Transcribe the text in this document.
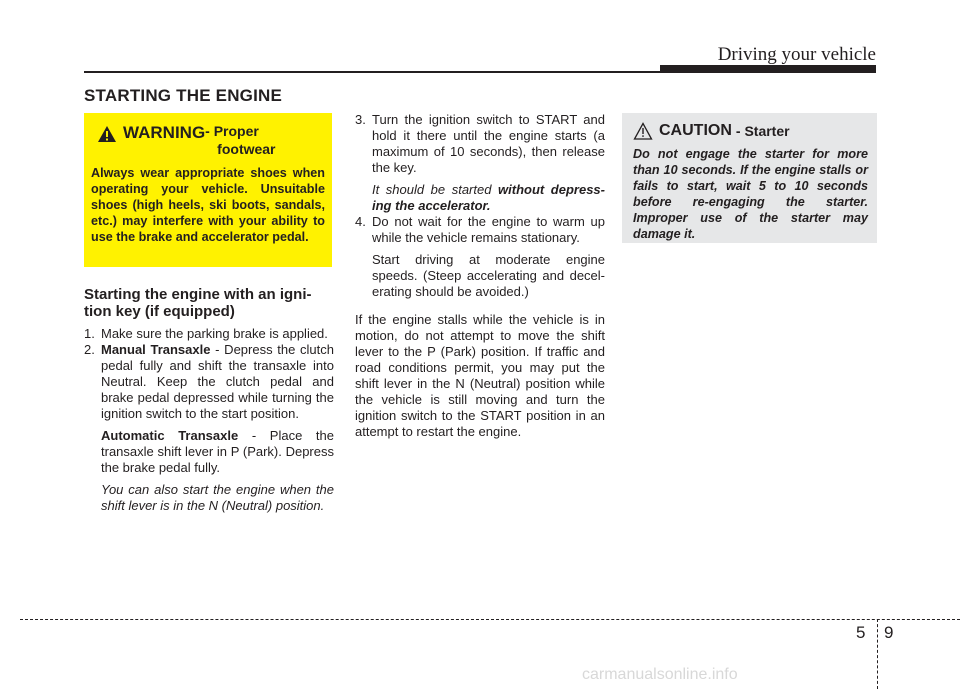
Driving your vehicle
STARTING THE ENGINE
WARNING - Proper
footwear
Always wear appropriate shoes when operating your vehicle. Unsuitable shoes (high heels, ski boots, sandals, etc.) may interfere with your ability to use the brake and accelerator pedal.
CAUTION - Starter
Do not engage the starter for more than 10 seconds. If the engine stalls or fails to start, wait 5 to 10 seconds before re-engaging the starter. Improper use of the starter may damage it.
Starting the engine with an igni-tion key (if equipped)
1. Make sure the parking brake is applied.
2. Manual Transaxle - Depress the clutch pedal fully and shift the transaxle into Neutral. Keep the clutch pedal and brake pedal depressed while turning the ignition switch to the start position.
Automatic Transaxle - Place the transaxle shift lever in P (Park). Depress the brake pedal fully.
You can also start the engine when the shift lever is in the N (Neutral) position.
3. Turn the ignition switch to START and hold it there until the engine starts (a maximum of 10 seconds), then release the key.
It should be started without depress-ing the accelerator.
4. Do not wait for the engine to warm up while the vehicle remains stationary.
Start driving at moderate engine speeds. (Steep accelerating and decel-erating should be avoided.)
If the engine stalls while the vehicle is in motion, do not attempt to move the shift lever to the P (Park) position. If traffic and road conditions permit, you may put the shift lever in the N (Neutral) position while the vehicle is still moving and turn the ignition switch to the START position in an attempt to restart the engine.
5 9
carmanualsonline.info
